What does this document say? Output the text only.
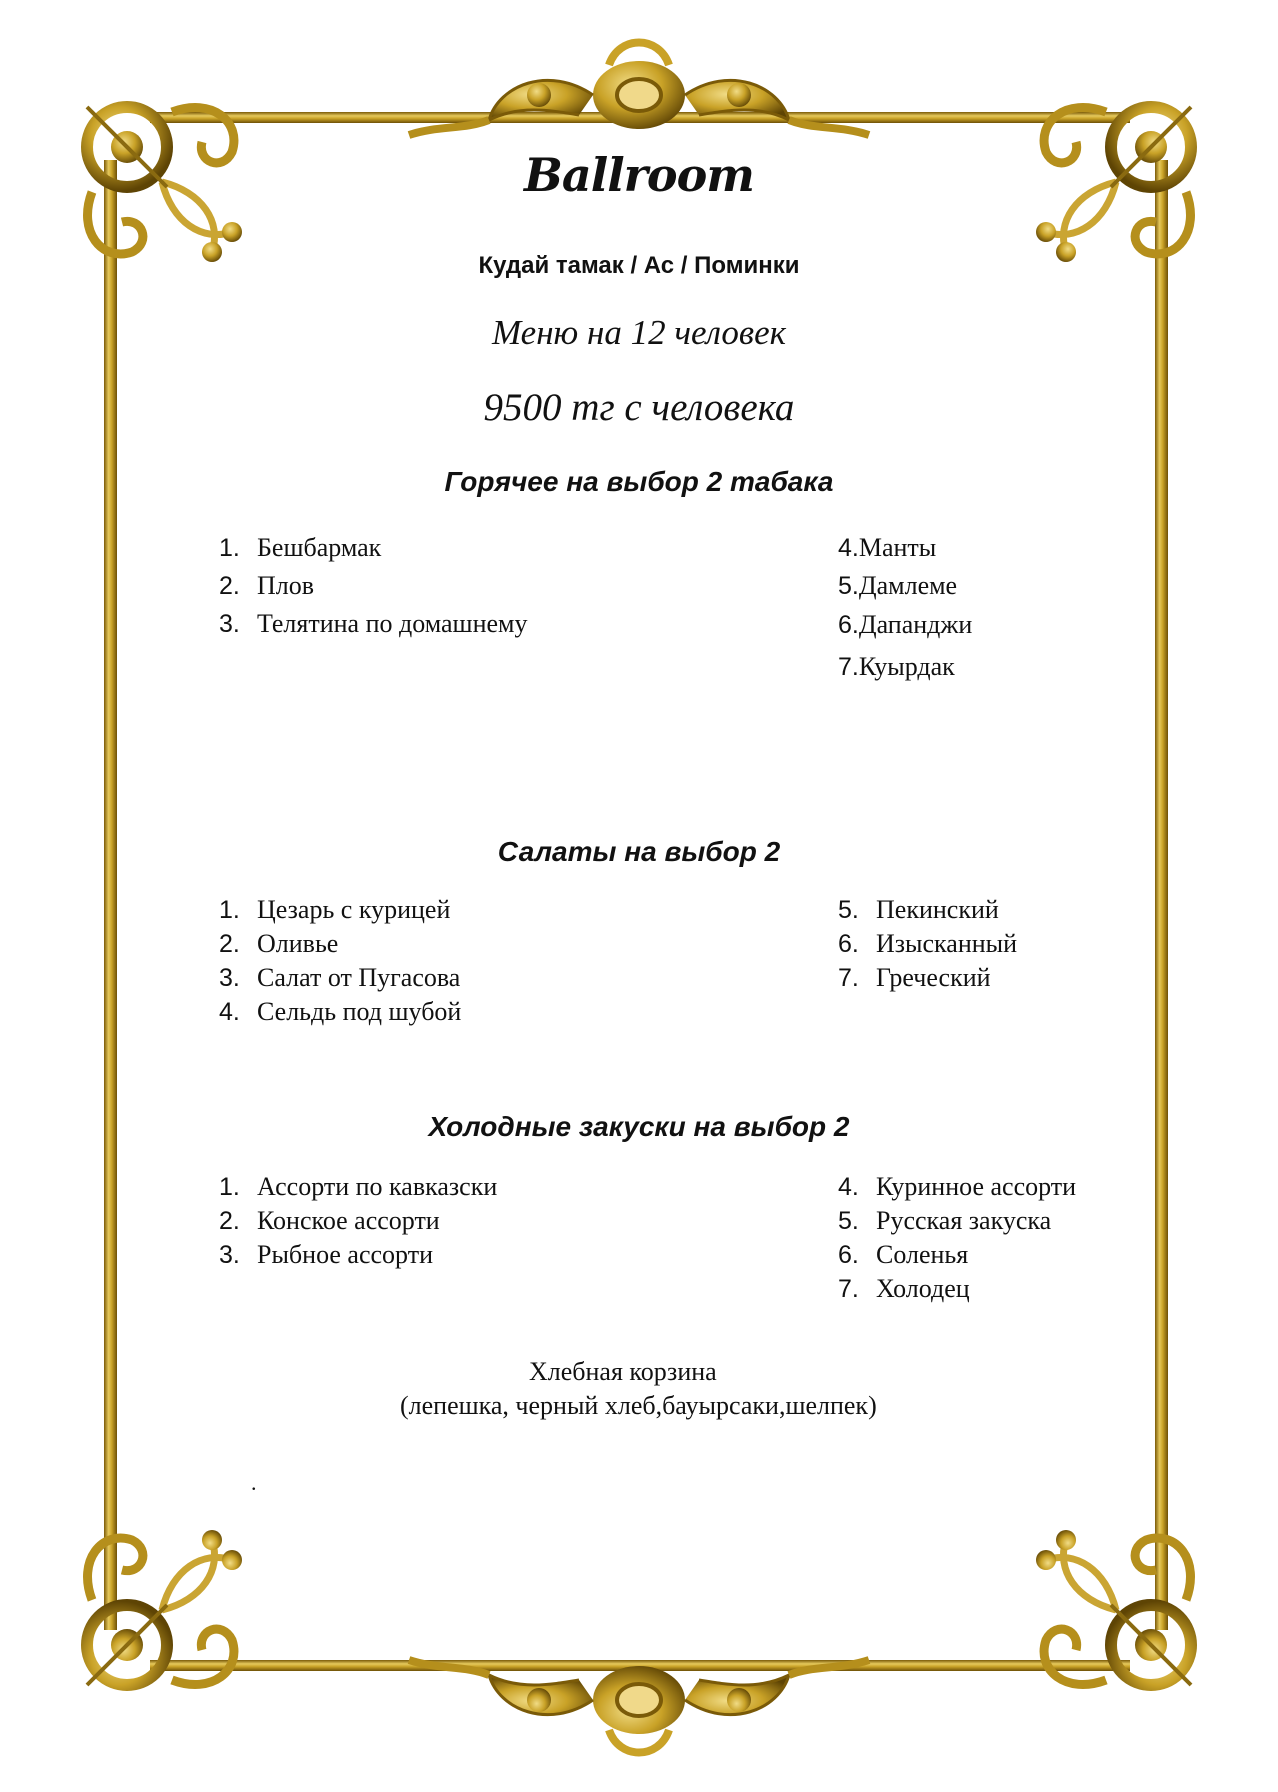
Ballroom
Кудай тамак / Ас / Поминки
Меню на 12 человек
9500 тг с человека
Горячее на выбор 2 табака
1. Бешбармак
2. Плов
3. Телятина по домашнему
4.Манты
5.Дамлеме
6.Дапанджи
7.Куырдак
Салаты на выбор 2
1. Цезарь с курицей
2. Оливье
3. Салат от Пугасова
4. Сельдь под шубой
5. Пекинский
6. Изысканный
7. Греческий
Холодные закуски на выбор 2
1. Ассорти по кавказски
2. Конское ассорти
3. Рыбное ассорти
4. Куринное ассорти
5. Русская закуска
6. Соленья
7. Холодец
Хлебная корзина
(лепешка, черный хлеб,бауырсаки,шелпек)
.
